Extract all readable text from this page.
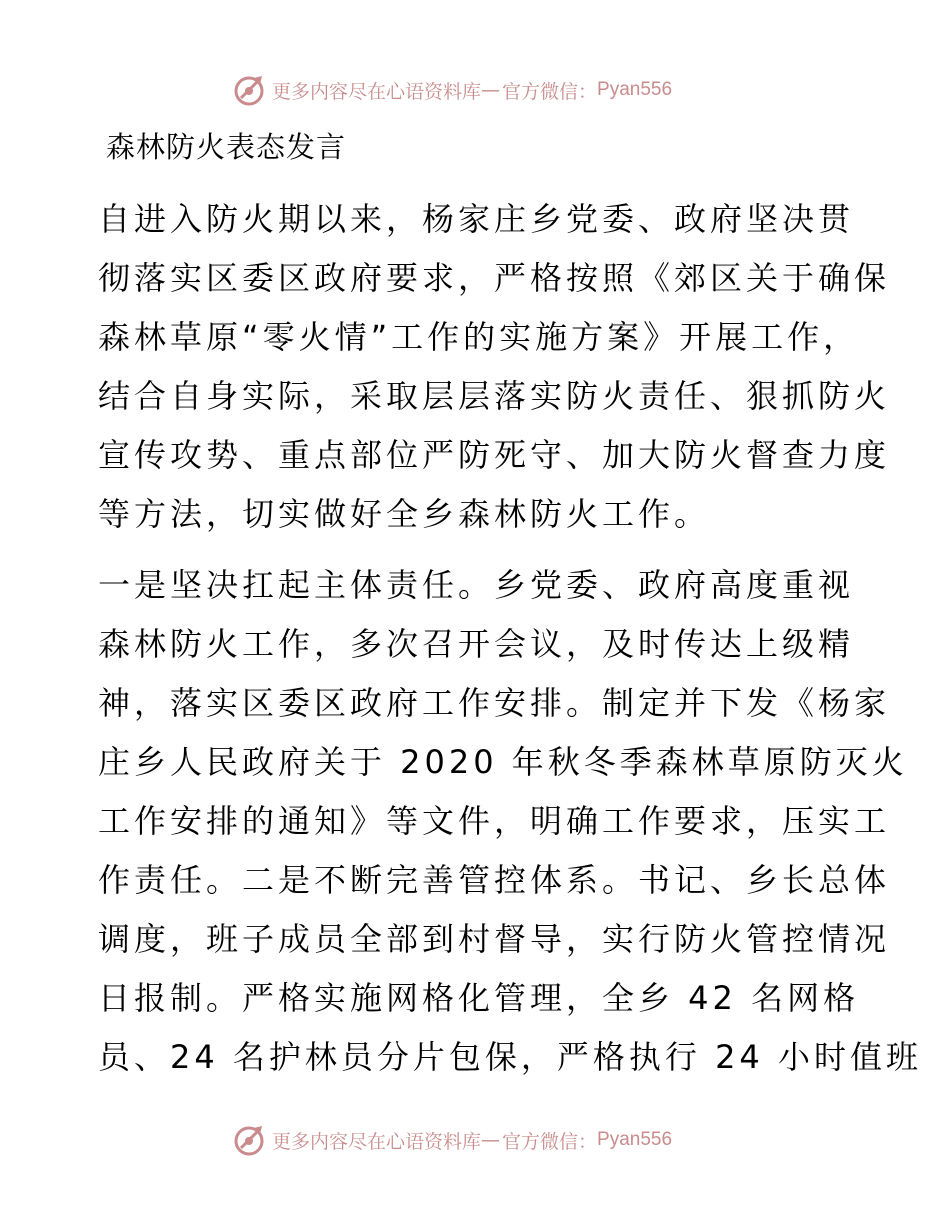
更多内容尽在心语资料库 — 官方微信： Pyan556
森林防火表态发言
自进入防火期以来，杨家庄乡党委、政府坚决贯
彻落实区委区政府要求，严格按照《郊区关于确保
森林草原“零火情”工作的实施方案》开展工作，
结合自身实际，采取层层落实防火责任、狠抓防火
宣传攻势、重点部位严防死守、加大防火督查力度
等方法，切实做好全乡森林防火工作。
一是坚决扛起主体责任。乡党委、政府高度重视
森林防火工作，多次召开会议，及时传达上级精
神，落实区委区政府工作安排。制定并下发《杨家
庄乡人民政府关于 2020 年秋冬季森林草原防灭火
工作安排的通知》等文件，明确工作要求，压实工
作责任。二是不断完善管控体系。书记、乡长总体
调度，班子成员全部到村督导，实行防火管控情况
日报制。严格实施网格化管理，全乡 42 名网格
员、24 名护林员分片包保，严格执行 24 小时值班
更多内容尽在心语资料库 — 官方微信： Pyan556
